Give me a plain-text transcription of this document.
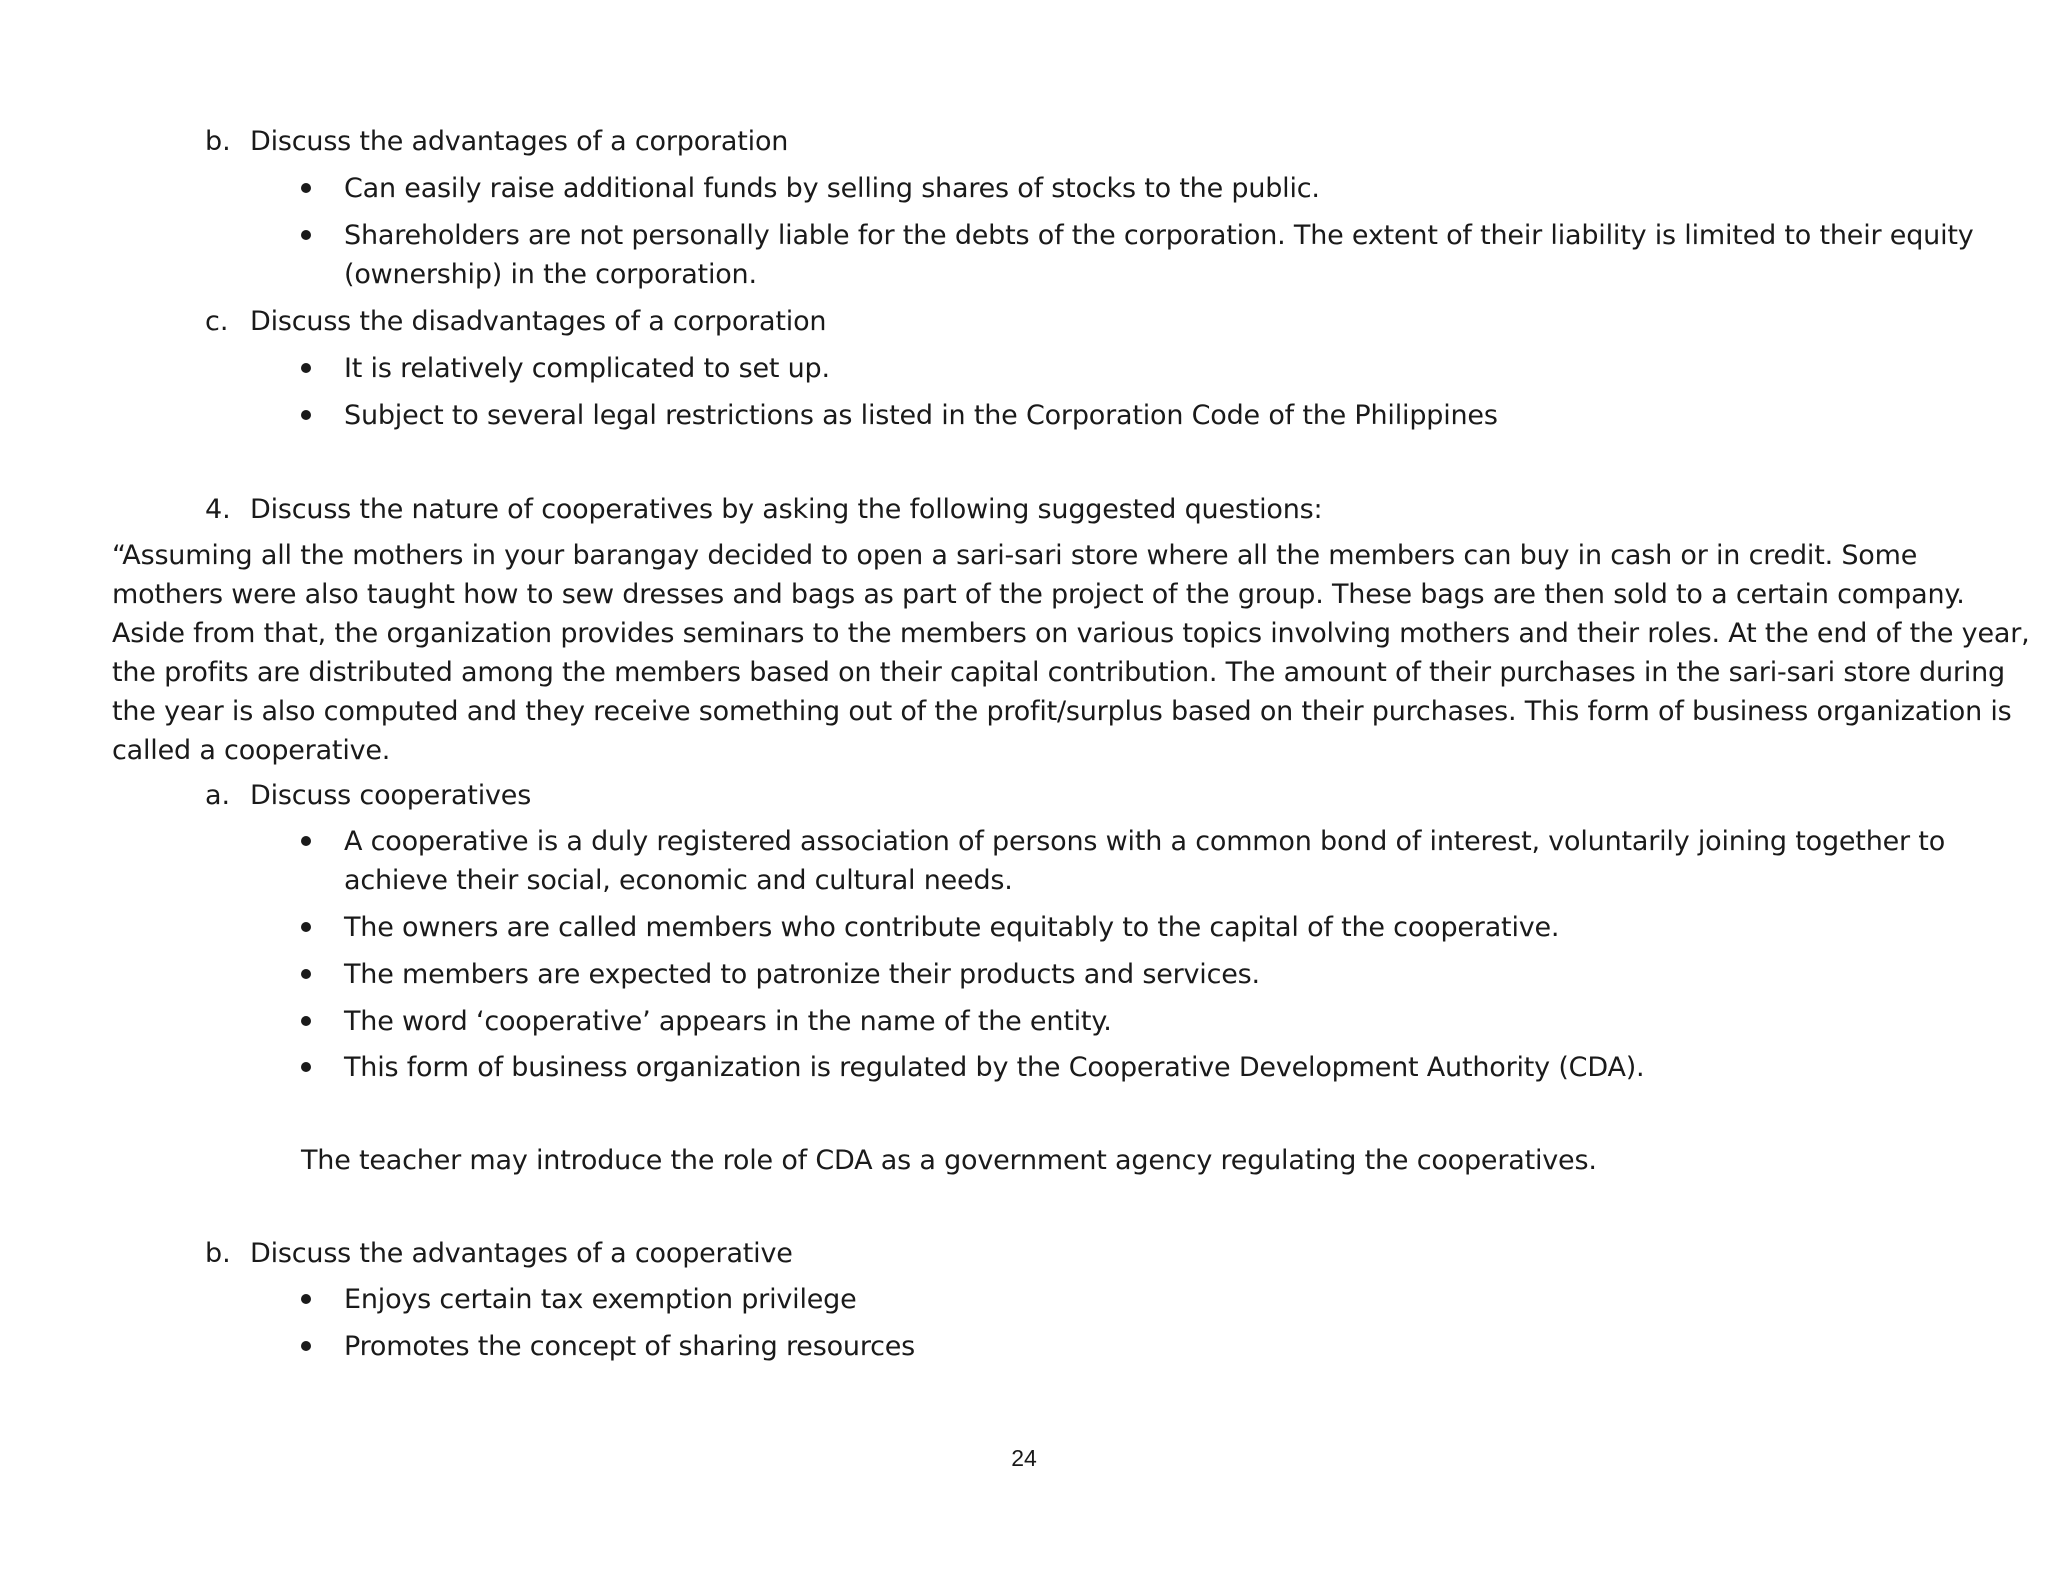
b. Discuss the advantages of a corporation
Can easily raise additional funds by selling shares of stocks to the public.
Shareholders are not personally liable for the debts of the corporation. The extent of their liability is limited to their equity
(ownership) in the corporation.
c. Discuss the disadvantages of a corporation
It is relatively complicated to set up.
Subject to several legal restrictions as listed in the Corporation Code of the Philippines
4. Discuss the nature of cooperatives by asking the following suggested questions:
“Assuming all the mothers in your barangay decided to open a sari-sari store where all the members can buy in cash or in credit. Some
mothers were also taught how to sew dresses and bags as part of the project of the group. These bags are then sold to a certain company.
Aside from that, the organization provides seminars to the members on various topics involving mothers and their roles. At the end of the year,
the profits are distributed among the members based on their capital contribution. The amount of their purchases in the sari-sari store during
the year is also computed and they receive something out of the profit/surplus based on their purchases. This form of business organization is
called a cooperative.
a. Discuss cooperatives
A cooperative is a duly registered association of persons with a common bond of interest, voluntarily joining together to
achieve their social, economic and cultural needs.
The owners are called members who contribute equitably to the capital of the cooperative.
The members are expected to patronize their products and services.
The word ‘cooperative’ appears in the name of the entity.
This form of business organization is regulated by the Cooperative Development Authority (CDA).
The teacher may introduce the role of CDA as a government agency regulating the cooperatives.
b. Discuss the advantages of a cooperative
Enjoys certain tax exemption privilege
Promotes the concept of sharing resources
24
